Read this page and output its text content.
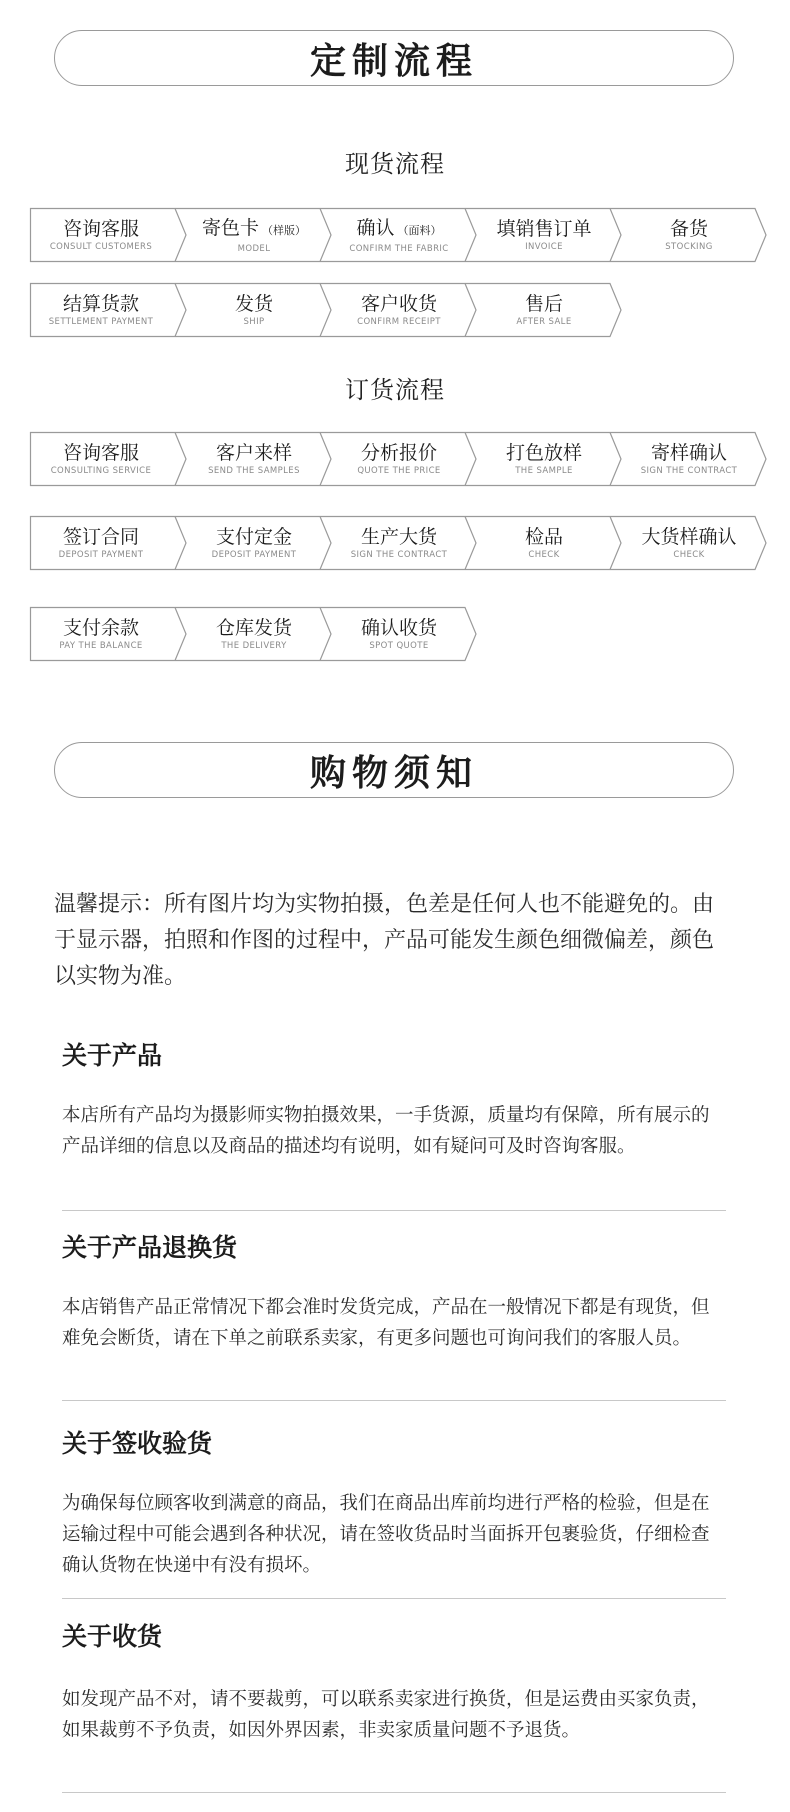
定制流程
现货流程
咨询客服
CONSULT CUSTOMERS
寄色卡 （样版）
MODEL
确认 （面料）
CONFIRM THE FABRIC
填销售订单
INVOICE
备货
STOCKING
结算货款
SETTLEMENT PAYMENT
发货
SHIP
客户收货
CONFIRM RECEIPT
售后
AFTER SALE
订货流程
咨询客服
CONSULTING SERVICE
客户来样
SEND THE SAMPLES
分析报价
QUOTE THE PRICE
打色放样
THE SAMPLE
寄样确认
SIGN THE CONTRACT
签订合同
DEPOSIT PAYMENT
支付定金
DEPOSIT PAYMENT
生产大货
SIGN THE CONTRACT
检品
CHECK
大货样确认
CHECK
支付余款
PAY THE BALANCE
仓库发货
THE DELIVERY
确认收货
SPOT QUOTE
购物须知
温馨提示：所有图片均为实物拍摄，色差是任何人也不能避免的。由于显示器，拍照和作图的过程中，产品可能发生颜色细微偏差，颜色以实物为准。
关于产品
本店所有产品均为摄影师实物拍摄效果，一手货源，质量均有保障，所有展示的产品详细的信息以及商品的描述均有说明，如有疑问可及时咨询客服。
关于产品退换货
本店销售产品正常情况下都会准时发货完成，产品在一般情况下都是有现货，但难免会断货，请在下单之前联系卖家，有更多问题也可询问我们的客服人员。
关于签收验货
为确保每位顾客收到满意的商品，我们在商品出库前均进行严格的检验，但是在运输过程中可能会遇到各种状况，请在签收货品时当面拆开包裹验货，仔细检查确认货物在快递中有没有损坏。
关于收货
如发现产品不对，请不要裁剪，可以联系卖家进行换货，但是运费由买家负责，如果裁剪不予负责，如因外界因素，非卖家质量问题不予退货。
